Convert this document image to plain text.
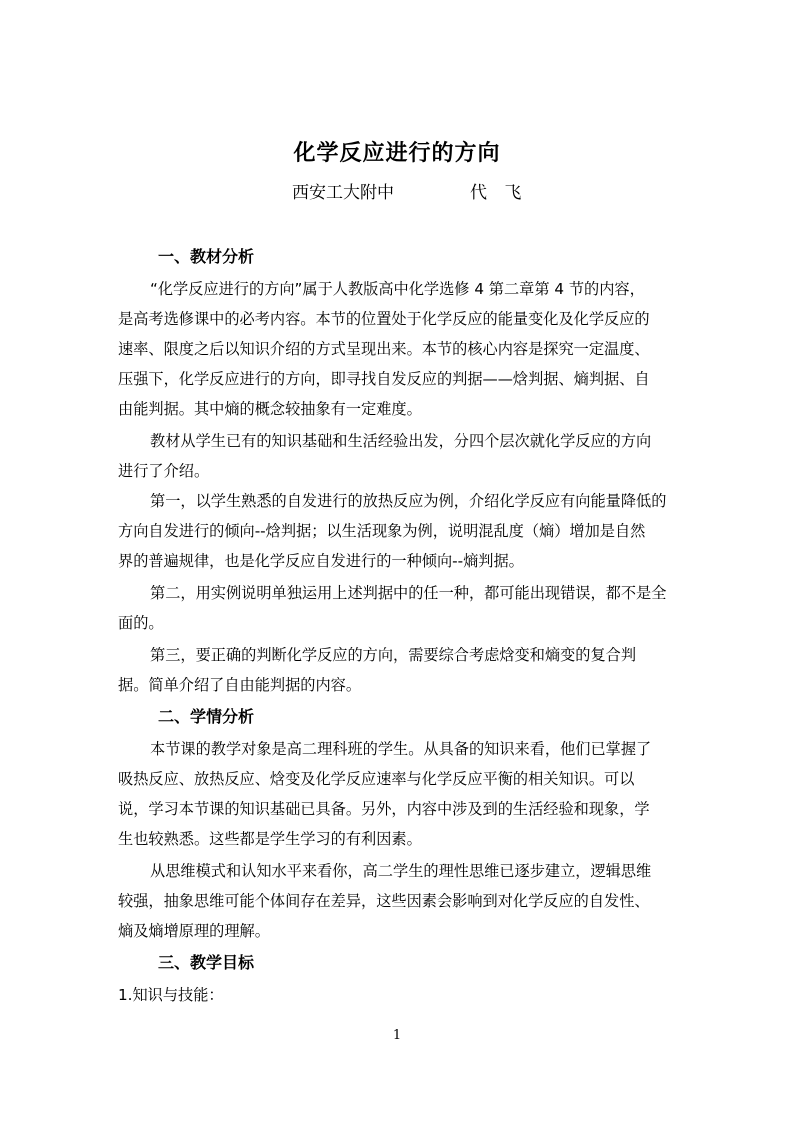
化学反应进行的方向
西安工大附中	代 飞
一、教材分析
“化学反应进行的方向”属于人教版高中化学选修 4 第二章第 4 节的内容，
是高考选修课中的必考内容。本节的位置处于化学反应的能量变化及化学反应的
速率、限度之后以知识介绍的方式呈现出来。本节的核心内容是探究一定温度、
压强下，化学反应进行的方向，即寻找自发反应的判据——焓判据、熵判据、自
由能判据。其中熵的概念较抽象有一定难度。
教材从学生已有的知识基础和生活经验出发，分四个层次就化学反应的方向
进行了介绍。
第一，以学生熟悉的自发进行的放热反应为例，介绍化学反应有向能量降低的
方向自发进行的倾向--焓判据；以生活现象为例，说明混乱度（熵）增加是自然
界的普遍规律，也是化学反应自发进行的一种倾向--熵判据。
第二，用实例说明单独运用上述判据中的任一种，都可能出现错误，都不是全
面的。
第三，要正确的判断化学反应的方向，需要综合考虑焓变和熵变的复合判
据。简单介绍了自由能判据的内容。
二、学情分析
本节课的教学对象是高二理科班的学生。从具备的知识来看，他们已掌握了
吸热反应、放热反应、焓变及化学反应速率与化学反应平衡的相关知识。可以
说，学习本节课的知识基础已具备。另外，内容中涉及到的生活经验和现象，学
生也较熟悉。这些都是学生学习的有利因素。
从思维模式和认知水平来看你，高二学生的理性思维已逐步建立，逻辑思维
较强，抽象思维可能个体间存在差异，这些因素会影响到对化学反应的自发性、
熵及熵增原理的理解。
三、教学目标
1.知识与技能：
1
